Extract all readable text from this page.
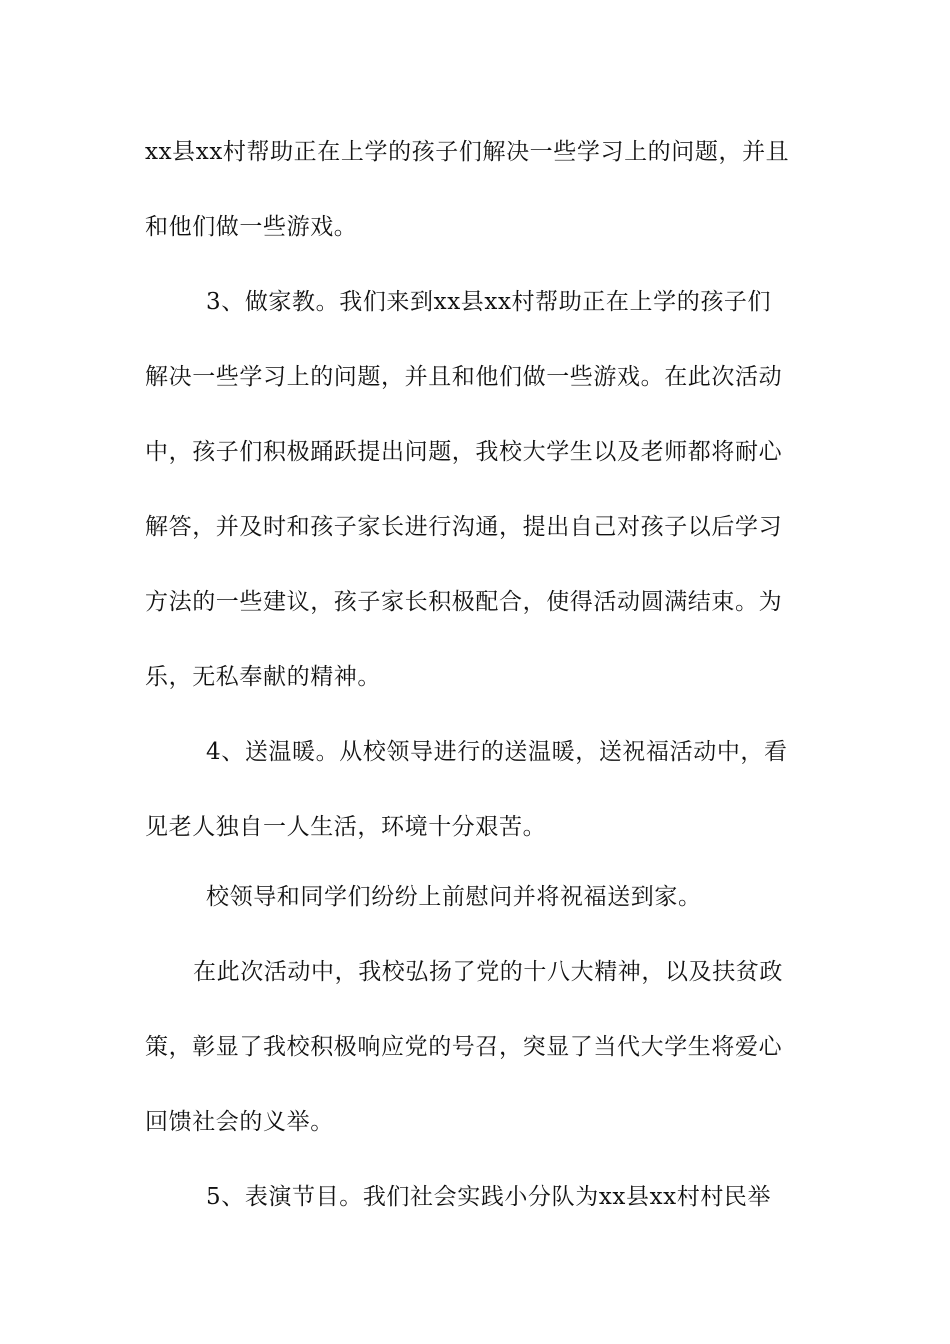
xx县xx村帮助正在上学的孩子们解决一些学习上的问题，并且
和他们做一些游戏。
3、做家教。我们来到xx县xx村帮助正在上学的孩子们
解决一些学习上的问题，并且和他们做一些游戏。在此次活动
中，孩子们积极踊跃提出问题，我校大学生以及老师都将耐心
解答，并及时和孩子家长进行沟通，提出自己对孩子以后学习
方法的一些建议，孩子家长积极配合，使得活动圆满结束。为
乐，无私奉献的精神。
4、送温暖。从校领导进行的送温暖，送祝福活动中，看
见老人独自一人生活，环境十分艰苦。
校领导和同学们纷纷上前慰问并将祝福送到家。
在此次活动中，我校弘扬了党的十八大精神，以及扶贫政
策，彰显了我校积极响应党的号召，突显了当代大学生将爱心
回馈社会的义举。
5、表演节目。我们社会实践小分队为xx县xx村村民举
